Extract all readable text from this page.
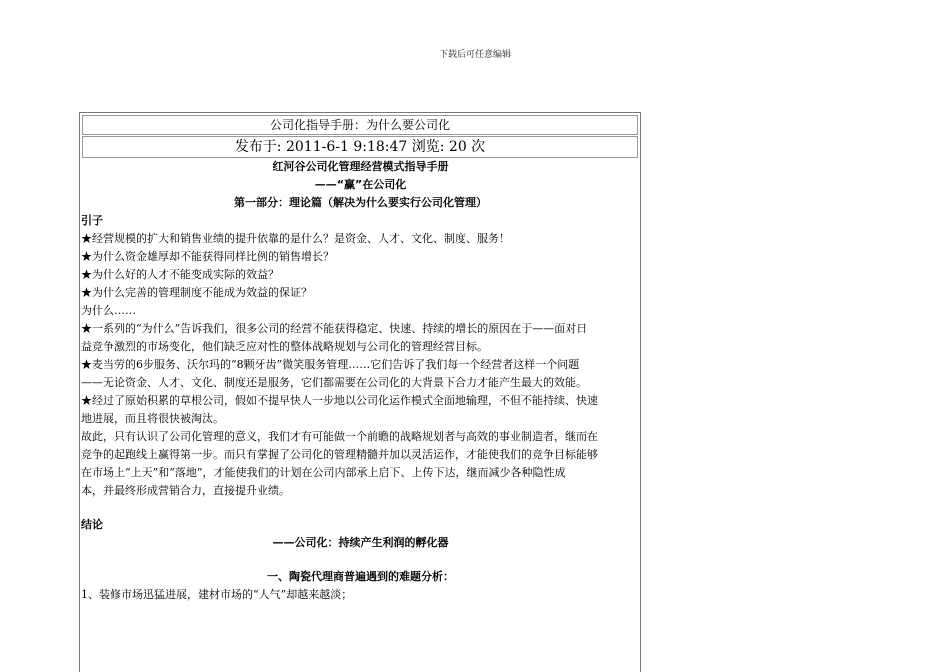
下载后可任意编辑
公司化指导手册：为什么要公司化
发布于: 2011-6-1 9:18:47 浏览: 20 次
红河谷公司化管理经营模式指导手册
——“赢”在公司化
第一部分：理论篇（解决为什么要实行公司化管理）
引子
★经营规模的扩大和销售业绩的提升依靠的是什么？是资金、人才、文化、制度、服务！
★为什么资金雄厚却不能获得同样比例的销售增长？
★为什么好的人才不能变成实际的效益？
★为什么完善的管理制度不能成为效益的保证？
为什么……
★一系列的“为什么”告诉我们，很多公司的经营不能获得稳定、快速、持续的增长的原因在于——面对日
益竞争激烈的市场变化，他们缺乏应对性的整体战略规划与公司化的管理经营目标。
★麦当劳的6步服务、沃尔玛的“8颗牙齿”微笑服务管理……它们告诉了我们每一个经营者这样一个问题
——无论资金、人才、文化、制度还是服务，它们都需要在公司化的大背景下合力才能产生最大的效能。
★经过了原始积累的草根公司，假如不提早快人一步地以公司化运作模式全面地输理，不但不能持续、快速
地进展，而且将很快被淘汰。
故此，只有认识了公司化管理的意义，我们才有可能做一个前瞻的战略规划者与高效的事业制造者，继而在
竞争的起跑线上赢得第一步。而只有掌握了公司化的管理精髓并加以灵活运作，才能使我们的竞争目标能够
在市场上“上天”和“落地”，才能使我们的计划在公司内部承上启下、上传下达，继而减少各种隐性成
本，并最终形成营销合力，直接提升业绩。
结论
——公司化：持续产生利润的孵化器
一、陶瓷代理商普遍遇到的难题分析：
1、装修市场迅猛进展，建材市场的“人气”却越来越淡；
